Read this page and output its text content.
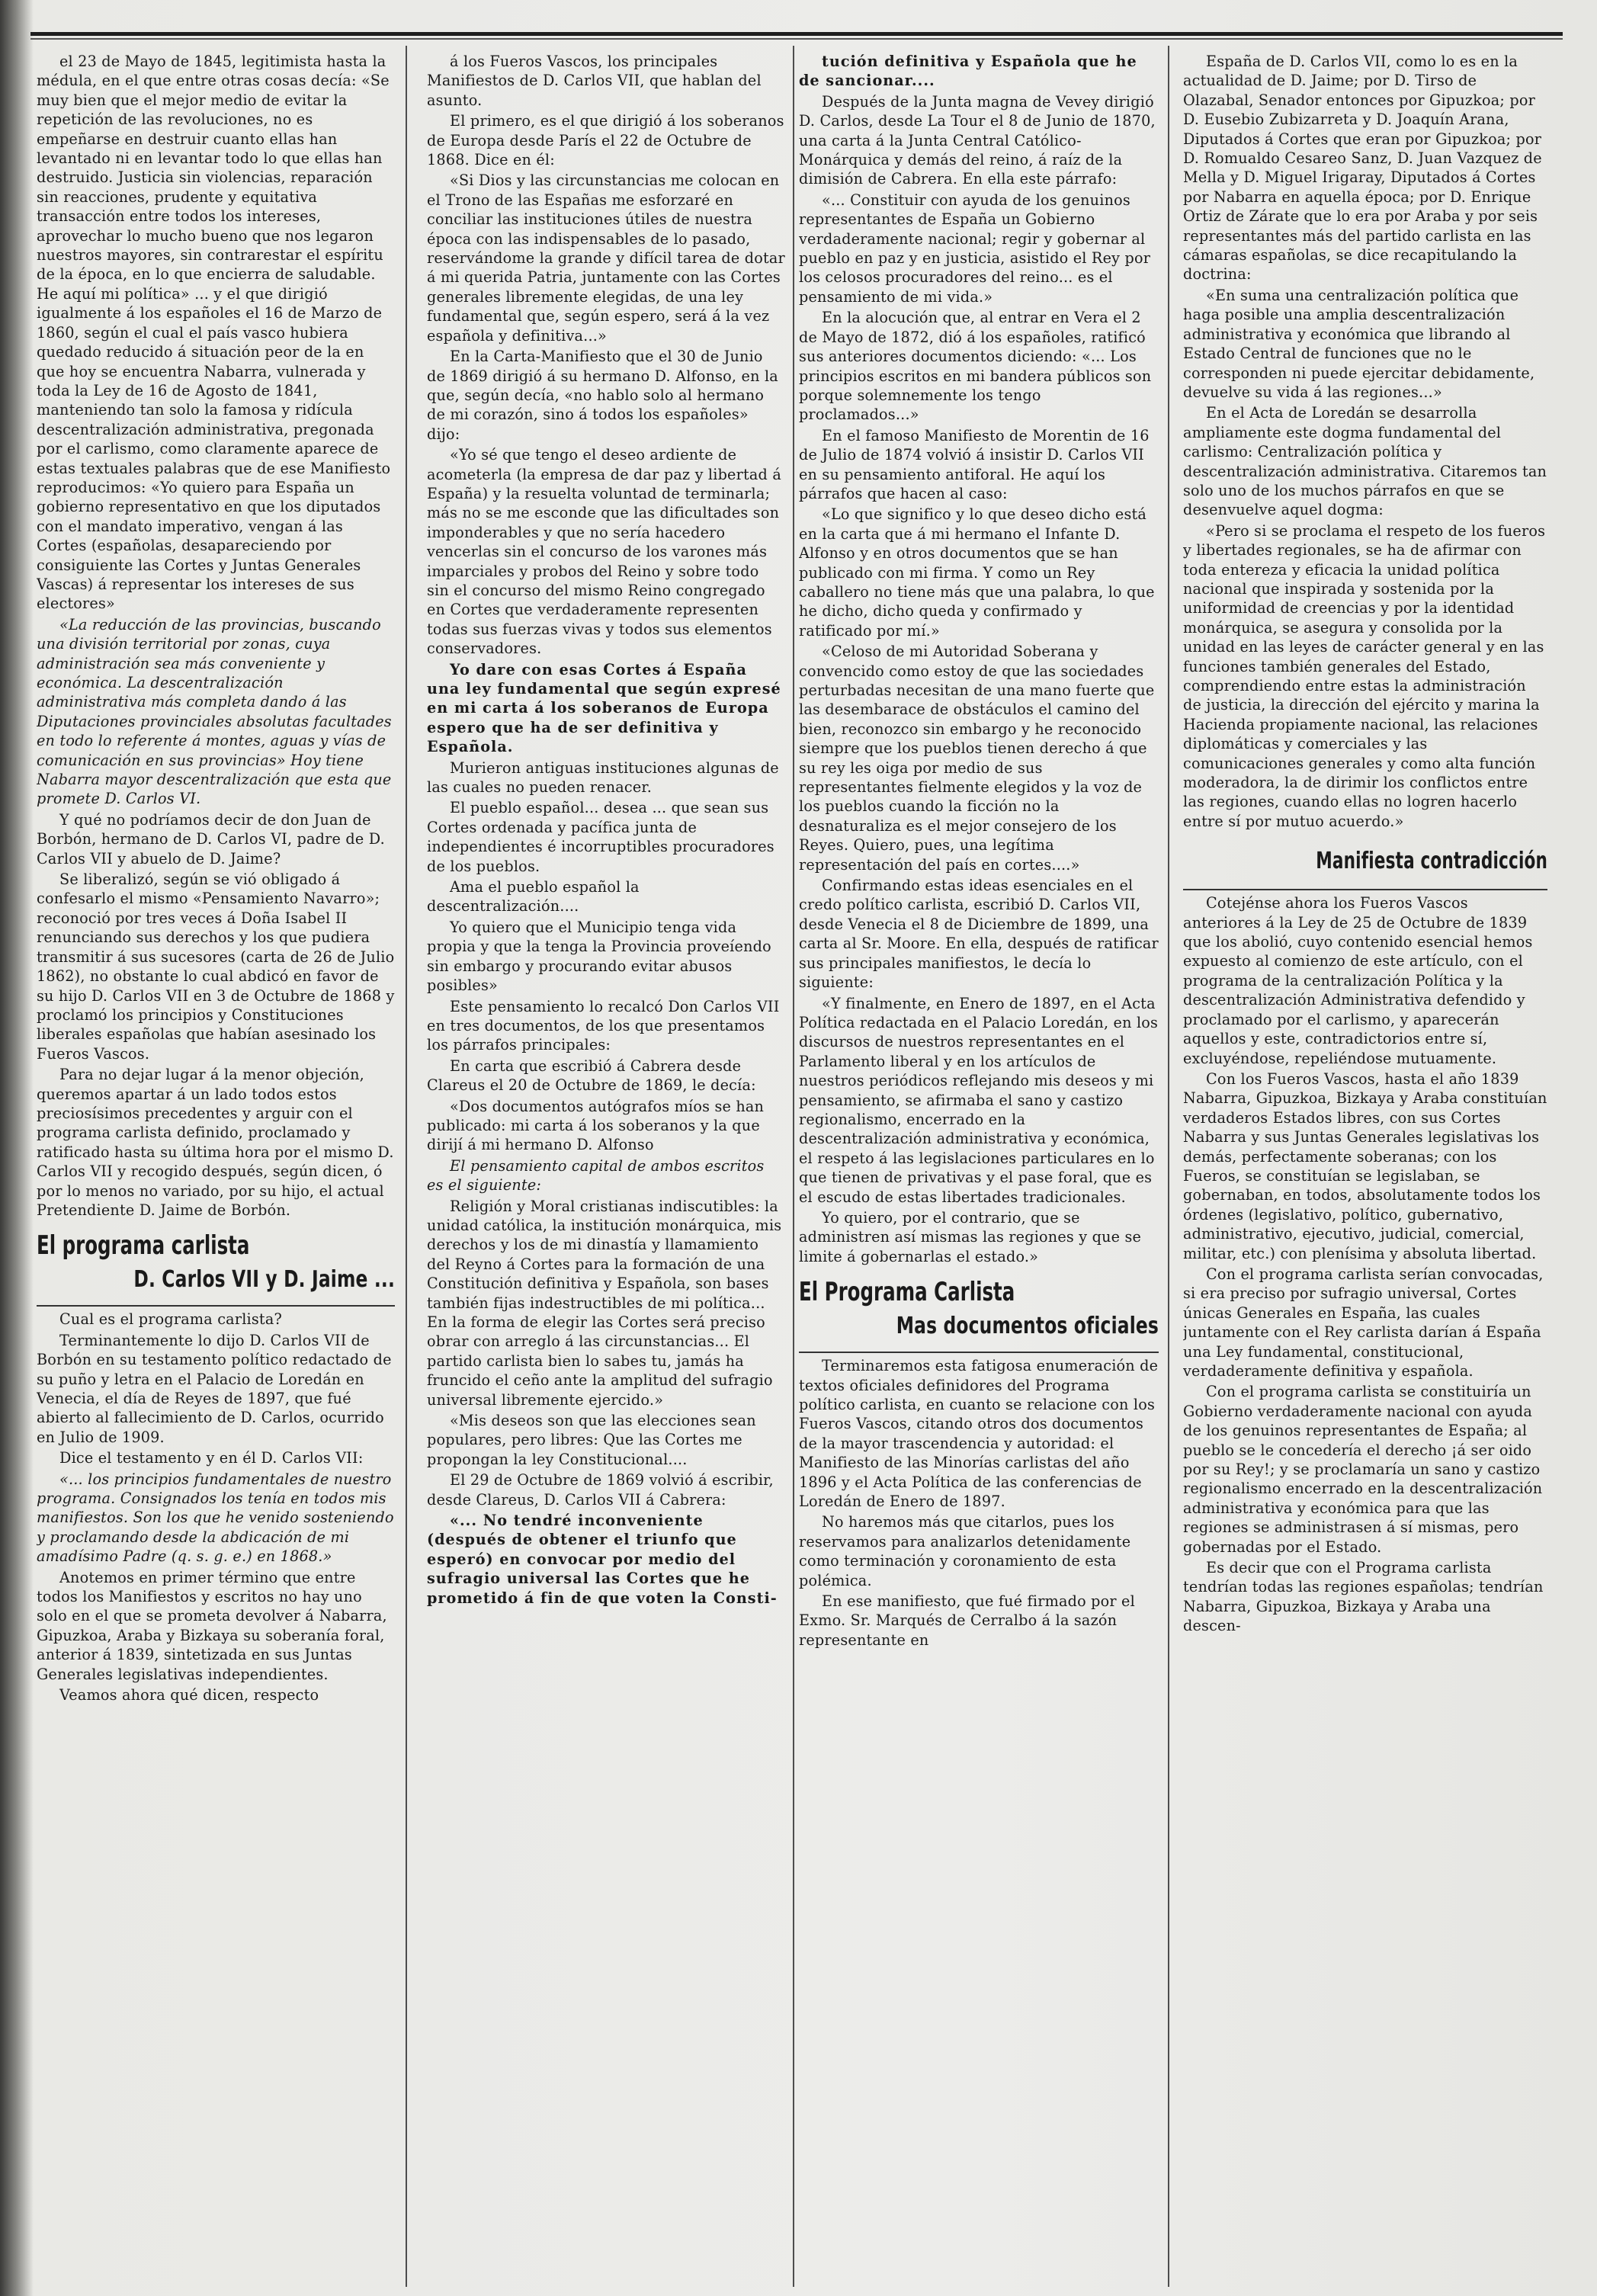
el 23 de Mayo de 1845, legitimista hasta la médula, en el que entre otras cosas decía: «Se muy bien que el mejor medio de evitar la repetición de las revoluciones, no es empeñarse en destruir cuanto ellas han levantado ni en levantar todo lo que ellas han destruido. Justicia sin violencias, reparación sin reacciones, prudente y equitativa transacción entre todos los intereses, aprovechar lo mucho bueno que nos legaron nuestros mayores, sin contrarestar el espíritu de la época, en lo que encierra de saludable. He aquí mi política» ... y el que dirigió igualmente á los españoles el 16 de Marzo de 1860, según el cual el país vasco hubiera quedado reducido á situación peor de la en que hoy se encuentra Nabarra, vulnerada y toda la Ley de 16 de Agosto de 1841, manteniendo tan solo la famosa y ridícula descentralización administrativa, pregonada por el carlismo, como claramente aparece de estas textuales palabras que de ese Manifiesto reproducimos: «Yo quiero para España un gobierno representativo en que los diputados con el mandato imperativo, vengan á las Cortes (españolas, desapareciendo por consiguiente las Cortes y Juntas Generales Vascas) á representar los intereses de sus electores»

«La reducción de las provincias, buscando una división territorial por zonas, cuya administración sea más conveniente y económica. La descentralización administrativa más completa dando á las Diputaciones provinciales absolutas facultades en todo lo referente á montes, aguas y vías de comunicación en sus provincias» Hoy tiene Nabarra mayor descentralización que esta que promete D. Carlos VI.

Y qué no podríamos decir de don Juan de Borbón, hermano de D. Carlos VI, padre de D. Carlos VII y abuelo de D. Jaime?

Se liberalizó, según se vió obligado á confesarlo el mismo «Pensamiento Navarro»; reconoció por tres veces á Doña Isabel II renunciando sus derechos y los que pudiera transmitir á sus sucesores (carta de 26 de Julio 1862), no obstante lo cual abdicó en favor de su hijo D. Carlos VII en 3 de Octubre de 1868 y proclamó los principios y Constituciones liberales españolas que habían asesinado los Fueros Vascos.

Para no dejar lugar á la menor objeción, queremos apartar á un lado todos estos preciosísimos precedentes y arguir con el programa carlista definido, proclamado y ratificado hasta su última hora por el mismo D. Carlos VII y recogido después, según dicen, ó por lo menos no variado, por su hijo, el actual Pretendiente D. Jaime de Borbón.

El programa carlista
D. Carlos VII y D. Jaime ...

Cual es el programa carlista?

Terminantemente lo dijo D. Carlos VII de Borbón en su testamento político redactado de su puño y letra en el Palacio de Loredán en Venecia, el día de Reyes de 1897, que fué abierto al fallecimiento de D. Carlos, ocurrido en Julio de 1909.

Dice el testamento y en él D. Carlos VII:

«... los principios fundamentales de nuestro programa. Consignados los tenía en todos mis manifiestos. Son los que he venido sosteniendo y proclamando desde la abdicación de mi amadísimo Padre (q. s. g. e.) en 1868.»

Anotemos en primer término que entre todos los Manifiestos y escritos no hay uno solo en el que se prometa devolver á Nabarra, Gipuzkoa, Araba y Bizkaya su soberanía foral, anterior á 1839, sintetizada en sus Juntas Generales legislativas independientes.

Veamos ahora qué dicen, respecto

á los Fueros Vascos, los principales Manifiestos de D. Carlos VII, que hablan del asunto.

El primero, es el que dirigió á los soberanos de Europa desde París el 22 de Octubre de 1868. Dice en él:

«Si Dios y las circunstancias me colocan en el Trono de las Españas me esforzaré en conciliar las instituciones útiles de nuestra época con las indispensables de lo pasado, reservándome la grande y difícil tarea de dotar á mi querida Patria, juntamente con las Cortes generales libremente elegidas, de una ley fundamental que, según espero, será á la vez española y definitiva...»

En la Carta-Manifiesto que el 30 de Junio de 1869 dirigió á su hermano D. Alfonso, en la que, según decía, «no hablo solo al hermano de mi corazón, sino á todos los españoles» dijo:

«Yo sé que tengo el deseo ardiente de acometerla (la empresa de dar paz y libertad á España) y la resuelta voluntad de terminarla; más no se me esconde que las dificultades son imponderables y que no sería hacedero vencerlas sin el concurso de los varones más imparciales y probos del Reino y sobre todo sin el concurso del mismo Reino congregado en Cortes que verdaderamente representen todas sus fuerzas vivas y todos sus elementos conservadores.

Yo dare con esas Cortes á España una ley fundamental que según expresé en mi carta á los soberanos de Europa espero que ha de ser definitiva y Española.

Murieron antiguas instituciones algunas de las cuales no pueden renacer.

El pueblo español... desea ... que sean sus Cortes ordenada y pacífica junta de independientes é incorruptibles procuradores de los pueblos.

Ama el pueblo español la descentralización....

Yo quiero que el Municipio tenga vida propia y que la tenga la Provincia proveíendo sin embargo y procurando evitar abusos posibles»

Este pensamiento lo recalcó Don Carlos VII en tres documentos, de los que presentamos los párrafos principales:

En carta que escribió á Cabrera desde Clareus el 20 de Octubre de 1869, le decía:

«Dos documentos autógrafos míos se han publicado: mi carta á los soberanos y la que dirijí á mi hermano D. Alfonso

El pensamiento capital de ambos escritos es el siguiente:

Religión y Moral cristianas indiscutibles: la unidad católica, la institución monárquica, mis derechos y los de mi dinastía y llamamiento del Reyno á Cortes para la formación de una Constitución definitiva y Española, son bases también fijas indestructibles de mi política... En la forma de elegir las Cortes será preciso obrar con arreglo á las circunstancias... El partido carlista bien lo sabes tu, jamás ha fruncido el ceño ante la amplitud del sufragio universal libremente ejercido.»

«Mis deseos son que las elecciones sean populares, pero libres: Que las Cortes me propongan la ley Constitucional....

El 29 de Octubre de 1869 volvió á escribir, desde Clareus, D. Carlos VII á Cabrera:

«... No tendré inconveniente (después de obtener el triunfo que esperó) en convocar por medio del sufragio universal las Cortes que he prometido á fin de que voten la Consti-

tución definitiva y Española que he de sancionar....

Después de la Junta magna de Vevey dirigió D. Carlos, desde La Tour el 8 de Junio de 1870, una carta á la Junta Central Católico-Monárquica y demás del reino, á raíz de la dimisión de Cabrera. En ella este párrafo:

«... Constituir con ayuda de los genuinos representantes de España un Gobierno verdaderamente nacional; regir y gobernar al pueblo en paz y en justicia, asistido el Rey por los celosos procuradores del reino... es el pensamiento de mi vida.»

En la alocución que, al entrar en Vera el 2 de Mayo de 1872, dió á los españoles, ratificó sus anteriores documentos diciendo: «... Los principios escritos en mi bandera públicos son porque solemnemente los tengo proclamados...»

En el famoso Manifiesto de Morentin de 16 de Julio de 1874 volvió á insistir D. Carlos VII en su pensamiento antiforal. He aquí los párrafos que hacen al caso:

«Lo que significo y lo que deseo dicho está en la carta que á mi hermano el Infante D. Alfonso y en otros documentos que se han publicado con mi firma. Y como un Rey caballero no tiene más que una palabra, lo que he dicho, dicho queda y confirmado y ratificado por mí.»

«Celoso de mi Autoridad Soberana y convencido como estoy de que las sociedades perturbadas necesitan de una mano fuerte que las desembarace de obstáculos el camino del bien, reconozco sin embargo y he reconocido siempre que los pueblos tienen derecho á que su rey les oiga por medio de sus representantes fielmente elegidos y la voz de los pueblos cuando la ficción no la desnaturaliza es el mejor consejero de los Reyes. Quiero, pues, una legítima representación del país en cortes....»

Confirmando estas ideas esenciales en el credo político carlista, escribió D. Carlos VII, desde Venecia el 8 de Diciembre de 1899, una carta al Sr. Moore. En ella, después de ratificar sus principales manifiestos, le decía lo siguiente:

«Y finalmente, en Enero de 1897, en el Acta Política redactada en el Palacio Loredán, en los discursos de nuestros representantes en el Parlamento liberal y en los artículos de nuestros periódicos reflejando mis deseos y mi pensamiento, se afirmaba el sano y castizo regionalismo, encerrado en la descentralización administrativa y económica, el respeto á las legislaciones particulares en lo que tienen de privativas y el pase foral, que es el escudo de estas libertades tradicionales.

Yo quiero, por el contrario, que se administren así mismas las regiones y que se limite á gobernarlas el estado.»

El Programa Carlista
Mas documentos oficiales

Terminaremos esta fatigosa enumeración de textos oficiales definidores del Programa político carlista, en cuanto se relacione con los Fueros Vascos, citando otros dos documentos de la mayor trascendencia y autoridad: el Manifiesto de las Minorías carlistas del año 1896 y el Acta Política de las conferencias de Loredán de Enero de 1897.

No haremos más que citarlos, pues los reservamos para analizarlos detenidamente como terminación y coronamiento de esta polémica.

En ese manifiesto, que fué firmado por el Exmo. Sr. Marqués de Cerralbo á la sazón representante en

España de D. Carlos VII, como lo es en la actualidad de D. Jaime; por D. Tirso de Olazabal, Senador entonces por Gipuzkoa; por D. Eusebio Zubizarreta y D. Joaquín Arana, Diputados á Cortes que eran por Gipuzkoa; por D. Romualdo Cesareo Sanz, D. Juan Vazquez de Mella y D. Miguel Irigaray, Diputados á Cortes por Nabarra en aquella época; por D. Enrique Ortiz de Zárate que lo era por Araba y por seis representantes más del partido carlista en las cámaras españolas, se dice recapitulando la doctrina:

«En suma una centralización política que haga posible una amplia descentralización administrativa y económica que librando al Estado Central de funciones que no le corresponden ni puede ejercitar debidamente, devuelve su vida á las regiones...»

En el Acta de Loredán se desarrolla ampliamente este dogma fundamental del carlismo: Centralización política y descentralización administrativa. Citaremos tan solo uno de los muchos párrafos en que se desenvuelve aquel dogma:

«Pero si se proclama el respeto de los fueros y libertades regionales, se ha de afirmar con toda entereza y eficacia la unidad política nacional que inspirada y sostenida por la uniformidad de creencias y por la identidad monárquica, se asegura y consolida por la unidad en las leyes de carácter general y en las funciones también generales del Estado, comprendiendo entre estas la administración de justicia, la dirección del ejército y marina la Hacienda propiamente nacional, las relaciones diplomáticas y comerciales y las comunicaciones generales y como alta función moderadora, la de dirimir los conflictos entre las regiones, cuando ellas no logren hacerlo entre sí por mutuo acuerdo.»

Manifiesta contradicción

Cotejénse ahora los Fueros Vascos anteriores á la Ley de 25 de Octubre de 1839 que los abolió, cuyo contenido esencial hemos expuesto al comienzo de este artículo, con el programa de la centralización Política y la descentralización Administrativa defendido y proclamado por el carlismo, y aparecerán aquellos y este, contradictorios entre sí, excluyéndose, repeliéndose mutuamente.

Con los Fueros Vascos, hasta el año 1839 Nabarra, Gipuzkoa, Bizkaya y Araba constituían verdaderos Estados libres, con sus Cortes Nabarra y sus Juntas Generales legislativas los demás, perfectamente soberanas; con los Fueros, se constituían se legislaban, se gobernaban, en todos, absolutamente todos los órdenes (legislativo, político, gubernativo, administrativo, ejecutivo, judicial, comercial, militar, etc.) con plenísima y absoluta libertad.

Con el programa carlista serían convocadas, si era preciso por sufragio universal, Cortes únicas Generales en España, las cuales juntamente con el Rey carlista darían á España una Ley fundamental, constitucional, verdaderamente definitiva y española.

Con el programa carlista se constituiría un Gobierno verdaderamente nacional con ayuda de los genuinos representantes de España; al pueblo se le concedería el derecho ¡á ser oido por su Rey!; y se proclamaría un sano y castizo regionalismo encerrado en la descentralización administrativa y económica para que las regiones se administrasen á sí mismas, pero gobernadas por el Estado.

Es decir que con el Programa carlista tendrían todas las regiones españolas; tendrían Nabarra, Gipuzkoa, Bizkaya y Araba una descen-
